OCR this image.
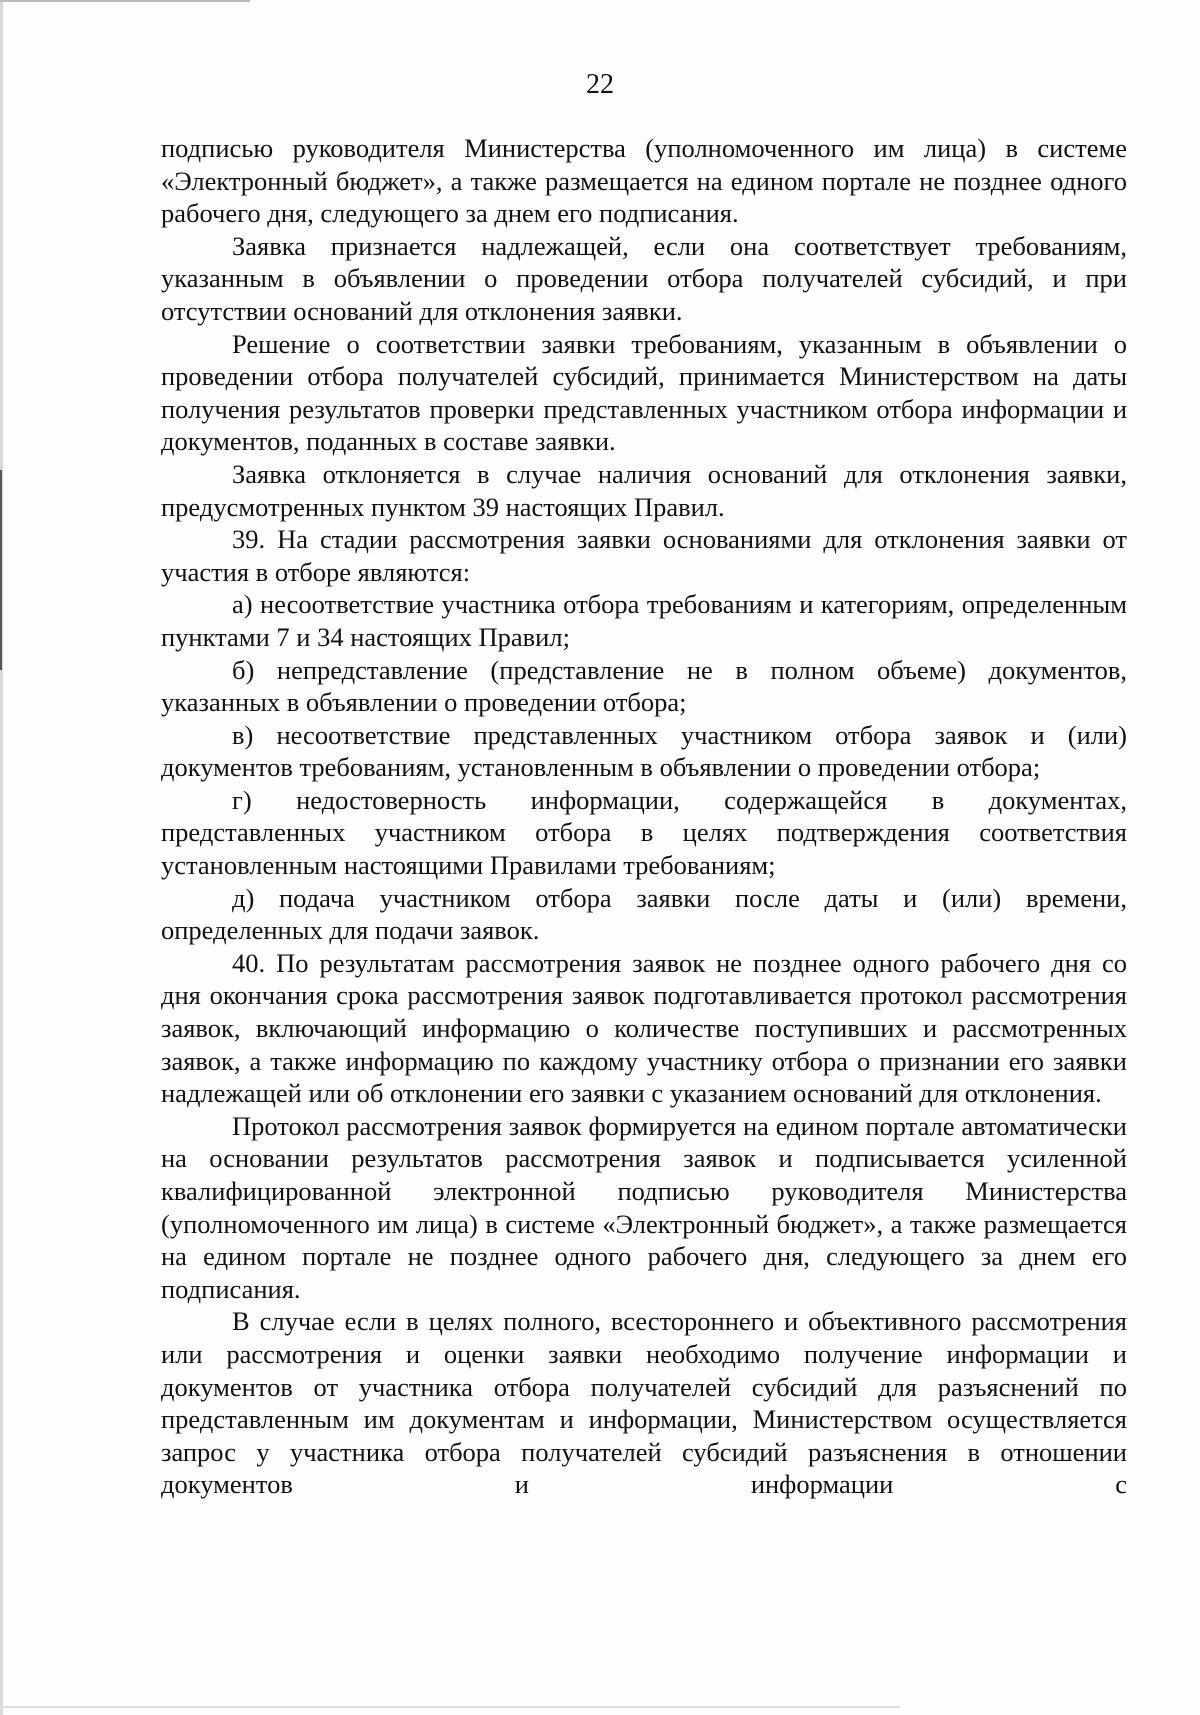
22

подписью руководителя Министерства (уполномоченного им лица) в системе «Электронный бюджет», а также размещается на едином портале не позднее одного рабочего дня, следующего за днем его подписания.

Заявка признается надлежащей, если она соответствует требованиям, указанным в объявлении о проведении отбора получателей субсидий, и при отсутствии оснований для отклонения заявки.

Решение о соответствии заявки требованиям, указанным в объявлении о проведении отбора получателей субсидий, принимается Министерством на даты получения результатов проверки представленных участником отбора информации и документов, поданных в составе заявки.

Заявка отклоняется в случае наличия оснований для отклонения заявки, предусмотренных пунктом 39 настоящих Правил.

39. На стадии рассмотрения заявки основаниями для отклонения заявки от участия в отборе являются:

а) несоответствие участника отбора требованиям и категориям, определенным пунктами 7 и 34 настоящих Правил;

б) непредставление (представление не в полном объеме) документов, указанных в объявлении о проведении отбора;

в) несоответствие представленных участником отбора заявок и (или) документов требованиям, установленным в объявлении о проведении отбора;

г) недостоверность информации, содержащейся в документах, представленных участником отбора в целях подтверждения соответствия установленным настоящими Правилами требованиям;

д) подача участником отбора заявки после даты и (или) времени, определенных для подачи заявок.

40. По результатам рассмотрения заявок не позднее одного рабочего дня со дня окончания срока рассмотрения заявок подготавливается протокол рассмотрения заявок, включающий информацию о количестве поступивших и рассмотренных заявок, а также информацию по каждому участнику отбора о признании его заявки надлежащей или об отклонении его заявки с указанием оснований для отклонения.

Протокол рассмотрения заявок формируется на едином портале автоматически на основании результатов рассмотрения заявок и подписывается усиленной квалифицированной электронной подписью руководителя Министерства (уполномоченного им лица) в системе «Электронный бюджет», а также размещается на едином портале не позднее одного рабочего дня, следующего за днем его подписания.

В случае если в целях полного, всестороннего и объективного рассмотрения или рассмотрения и оценки заявки необходимо получение информации и документов от участника отбора получателей субсидий для разъяснений по представленным им документам и информации, Министерством осуществляется запрос у участника отбора получателей субсидий разъяснения в отношении документов и информации с
